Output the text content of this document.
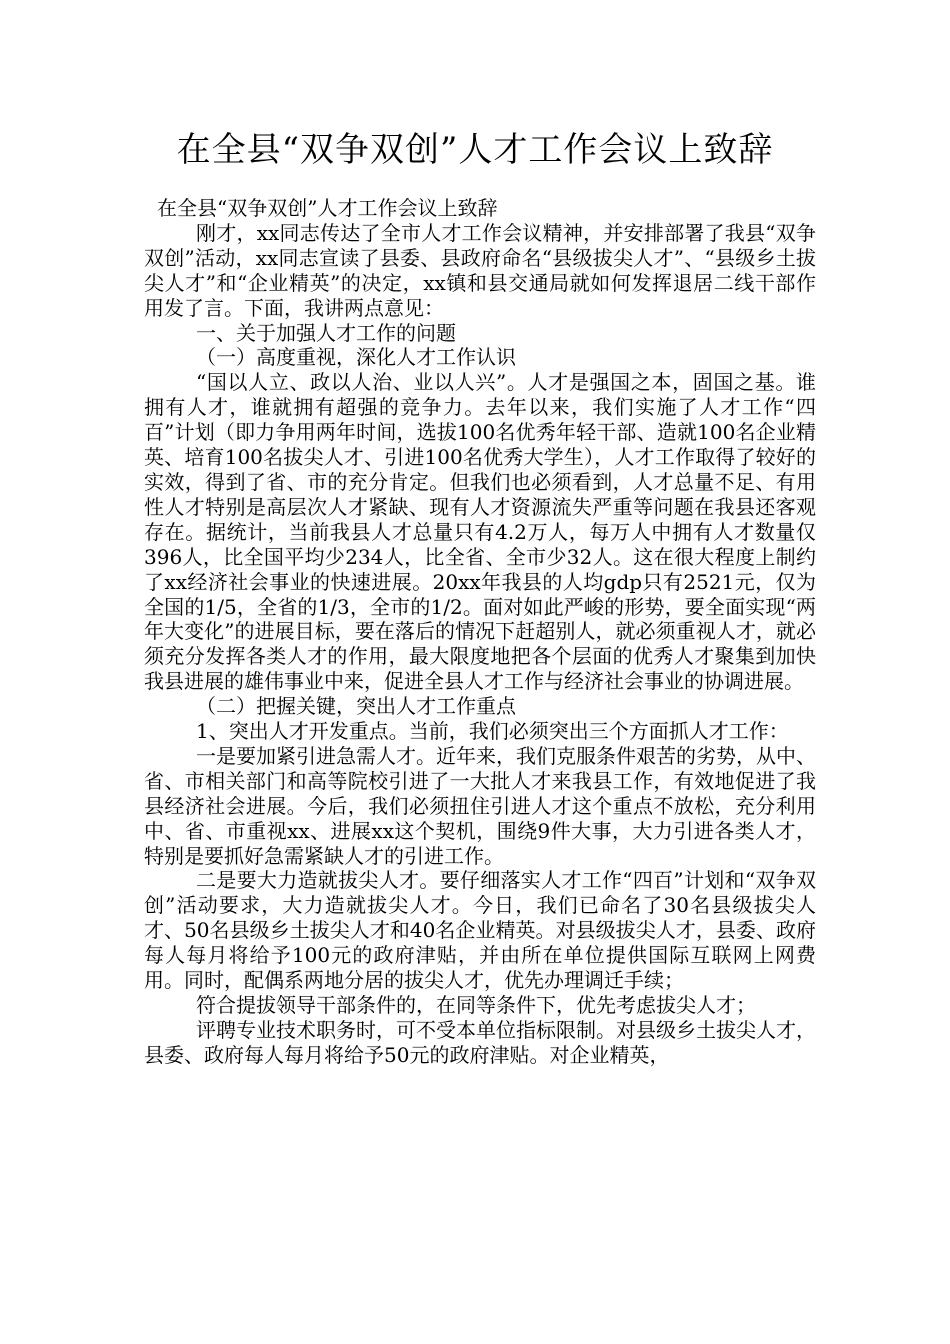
在全县“双争双创”人才工作会议上致辞

在全县“双争双创”人才工作会议上致辞

刚才，xx同志传达了全市人才工作会议精神，并安排部署了我县“双争双创”活动，xx同志宣读了县委、县政府命名“县级拔尖人才”、“县级乡土拔尖人才”和“企业精英”的决定，xx镇和县交通局就如何发挥退居二线干部作用发了言。下面，我讲两点意见：

一、关于加强人才工作的问题

（一）高度重视，深化人才工作认识

“国以人立、政以人治、业以人兴”。人才是强国之本，固国之基。谁拥有人才，谁就拥有超强的竞争力。去年以来，我们实施了人才工作“四百”计划（即力争用两年时间，选拔100名优秀年轻干部、造就100名企业精英、培育100名拔尖人才、引进100名优秀大学生），人才工作取得了较好的实效，得到了省、市的充分肯定。但我们也必须看到，人才总量不足、有用性人才特别是高层次人才紧缺、现有人才资源流失严重等问题在我县还客观存在。据统计，当前我县人才总量只有4.2万人，每万人中拥有人才数量仅396人，比全国平均少234人，比全省、全市少32人。这在很大程度上制约了xx经济社会事业的快速进展。20xx年我县的人均gdp只有2521元，仅为全国的1/5，全省的1/3，全市的1/2。面对如此严峻的形势，要全面实现“两年大变化”的进展目标，要在落后的情况下赶超别人，就必须重视人才，就必须充分发挥各类人才的作用，最大限度地把各个层面的优秀人才聚集到加快我县进展的雄伟事业中来，促进全县人才工作与经济社会事业的协调进展。

（二）把握关键，突出人才工作重点

1、突出人才开发重点。当前，我们必须突出三个方面抓人才工作：

一是要加紧引进急需人才。近年来，我们克服条件艰苦的劣势，从中、省、市相关部门和高等院校引进了一大批人才来我县工作，有效地促进了我县经济社会进展。今后，我们必须扭住引进人才这个重点不放松，充分利用中、省、市重视xx、进展xx这个契机，围绕9件大事，大力引进各类人才，特别是要抓好急需紧缺人才的引进工作。

二是要大力造就拔尖人才。要仔细落实人才工作“四百”计划和“双争双创”活动要求，大力造就拔尖人才。今日，我们已命名了30名县级拔尖人才、50名县级乡土拔尖人才和40名企业精英。对县级拔尖人才，县委、政府每人每月将给予100元的政府津贴，并由所在单位提供国际互联网上网费用。同时，配偶系两地分居的拔尖人才，优先办理调迁手续；

符合提拔领导干部条件的，在同等条件下，优先考虑拔尖人才；

评聘专业技术职务时，可不受本单位指标限制。对县级乡土拔尖人才，县委、政府每人每月将给予50元的政府津贴。对企业精英，
